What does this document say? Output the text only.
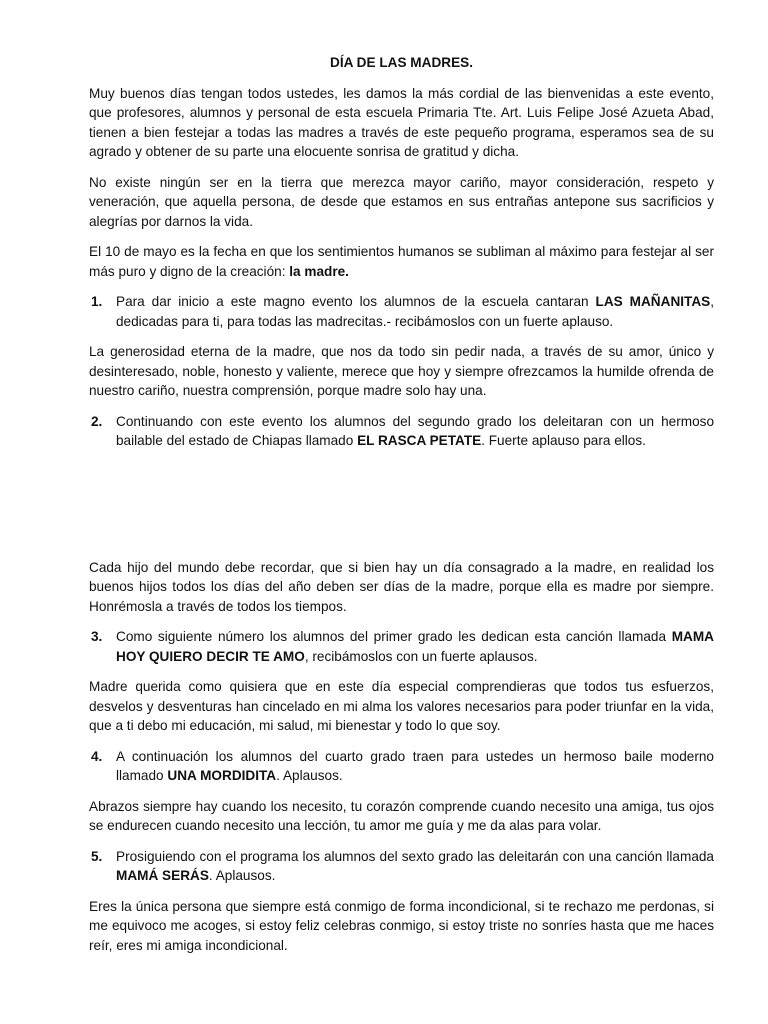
DÍA DE LAS MADRES.

Muy buenos días tengan todos ustedes, les damos la más cordial de las bienvenidas a este evento, que profesores, alumnos y personal de esta escuela Primaria Tte. Art. Luis Felipe José Azueta Abad, tienen a bien festejar a todas las madres a través de este pequeño programa, esperamos sea de su agrado y obtener de su parte una elocuente sonrisa de gratitud y dicha.

No existe ningún ser en la tierra que merezca mayor cariño, mayor consideración, respeto y veneración, que aquella persona, de desde que estamos en sus entrañas antepone sus sacrificios y alegrías por darnos la vida.

El 10 de mayo es la fecha en que los sentimientos humanos se subliman al máximo para festejar al ser más puro y digno de la creación: la madre.

1. Para dar inicio a este magno evento los alumnos de la escuela cantaran LAS MAÑANITAS, dedicadas para ti, para todas las madrecitas.- recibámoslos con un fuerte aplauso.

La generosidad eterna de la madre, que nos da todo sin pedir nada, a través de su amor, único y desinteresado, noble, honesto y valiente, merece que hoy y siempre ofrezcamos la humilde ofrenda de nuestro cariño, nuestra comprensión, porque madre solo hay una.

2. Continuando con este evento los alumnos del segundo grado los deleitaran con un hermoso bailable del estado de Chiapas llamado EL RASCA PETATE. Fuerte aplauso para ellos.

Cada hijo del mundo debe recordar, que si bien hay un día consagrado a la madre, en realidad los buenos hijos todos los días del año deben ser días de la madre, porque ella es madre por siempre. Honrémosla a través de todos los tiempos.

3. Como siguiente número los alumnos del primer grado les dedican esta canción llamada MAMA HOY QUIERO DECIR TE AMO, recibámoslos con un fuerte aplausos.

Madre querida como quisiera que en este día especial comprendieras que todos tus esfuerzos, desvelos y desventuras han cincelado en mi alma los valores necesarios para poder triunfar en la vida, que a ti debo mi educación, mi salud, mi bienestar y todo lo que soy.

4. A continuación los alumnos del cuarto grado traen para ustedes un hermoso baile moderno llamado UNA MORDIDITA. Aplausos.

Abrazos siempre hay cuando los necesito, tu corazón comprende cuando necesito una amiga, tus ojos se endurecen cuando necesito una lección, tu amor me guía y me da alas para volar.

5. Prosiguiendo con el programa los alumnos del sexto grado las deleitarán con una canción llamada MAMÁ SERÁS. Aplausos.

Eres la única persona que siempre está conmigo de forma incondicional, si te rechazo me perdonas, si me equivoco me acoges, si estoy feliz celebras conmigo, si estoy triste no sonríes hasta que me haces reír, eres mi amiga incondicional.
